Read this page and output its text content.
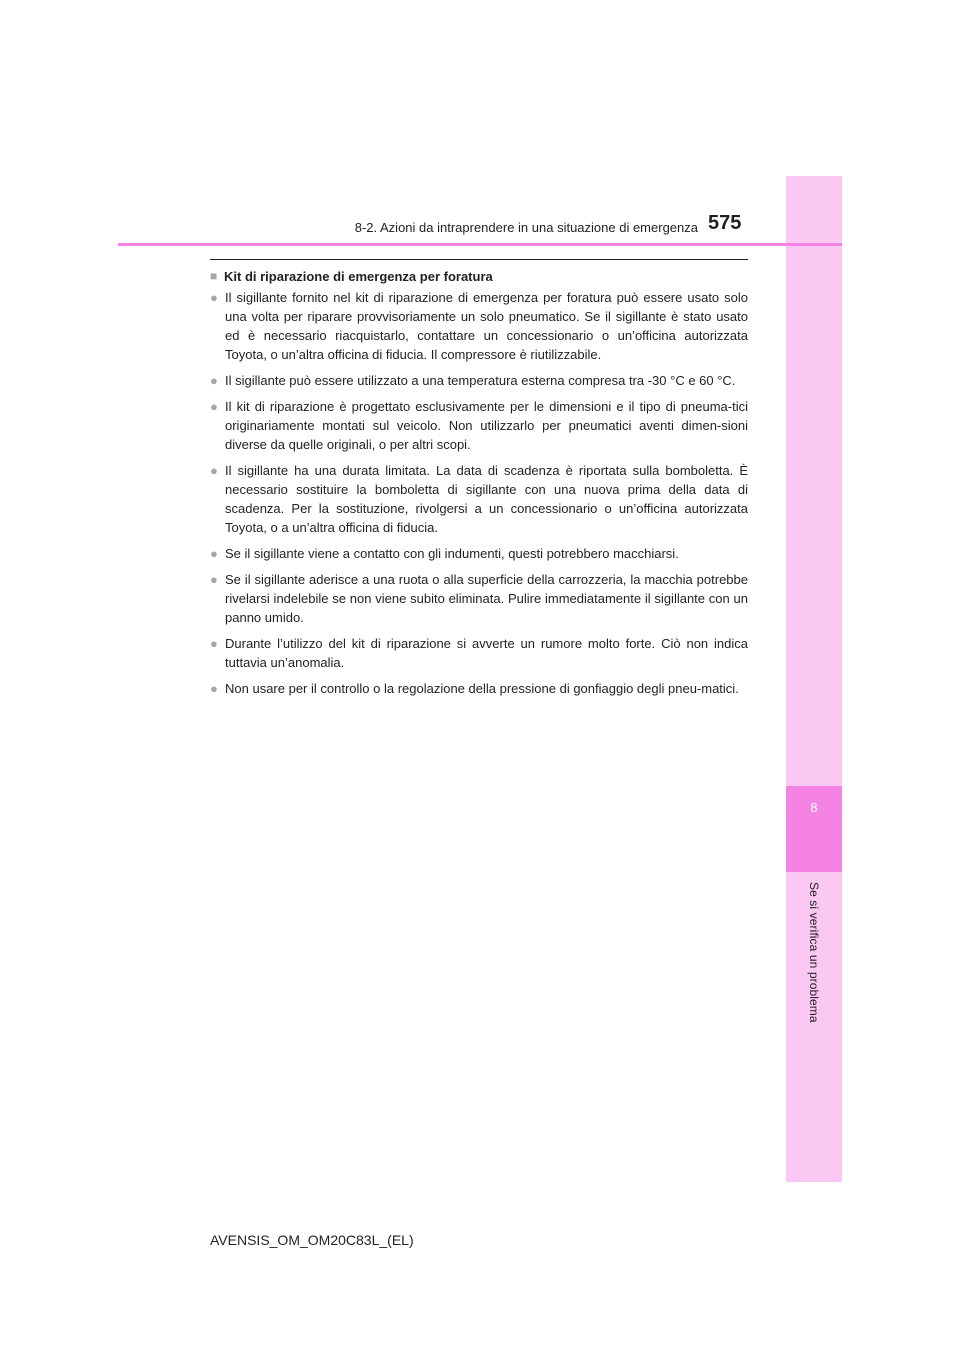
8
Se si verifica un problema
8-2. Azioni da intraprendere in una situazione di emergenza 575
■ Kit di riparazione di emergenza per foratura
● Il sigillante fornito nel kit di riparazione di emergenza per foratura può essere usato solo una volta per riparare provvisoriamente un solo pneumatico. Se il sigillante è stato usato ed è necessario riacquistarlo, contattare un concessionario o un’officina autorizzata Toyota, o un’altra officina di fiducia. Il compressore è riutilizzabile.
● Il sigillante può essere utilizzato a una temperatura esterna compresa tra -30 °C e 60 °C.
● Il kit di riparazione è progettato esclusivamente per le dimensioni e il tipo di pneuma-tici originariamente montati sul veicolo. Non utilizzarlo per pneumatici aventi dimen-sioni diverse da quelle originali, o per altri scopi.
● Il sigillante ha una durata limitata. La data di scadenza è riportata sulla bomboletta. È necessario sostituire la bomboletta di sigillante con una nuova prima della data di scadenza. Per la sostituzione, rivolgersi a un concessionario o un’officina autorizzata Toyota, o a un’altra officina di fiducia.
● Se il sigillante viene a contatto con gli indumenti, questi potrebbero macchiarsi.
● Se il sigillante aderisce a una ruota o alla superficie della carrozzeria, la macchia potrebbe rivelarsi indelebile se non viene subito eliminata. Pulire immediatamente il sigillante con un panno umido.
● Durante l’utilizzo del kit di riparazione si avverte un rumore molto forte. Ciò non indica tuttavia un’anomalia.
● Non usare per il controllo o la regolazione della pressione di gonfiaggio degli pneu-matici.
AVENSIS_OM_OM20C83L_(EL)
